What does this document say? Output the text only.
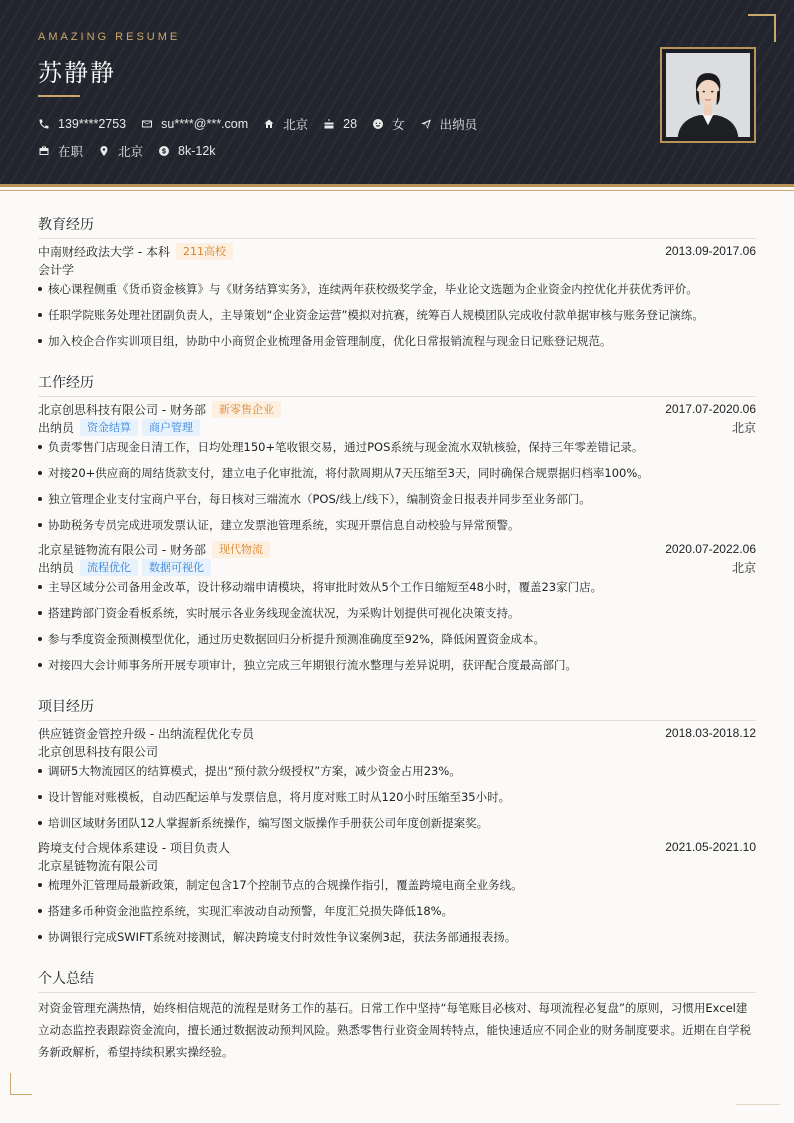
AMAZING RESUME
苏静静
139****2753	su****@***.com	北京	28	女	出纳员
在职	北京	8k-12k
教育经历
中南财经政法大学 - 本科	211高校	2013.09-2017.06
会计学
核心课程侧重《货币资金核算》与《财务结算实务》，连续两年获校级奖学金，毕业论文选题为企业资金内控优化并获优秀评价。
任职学院账务处理社团副负责人，主导策划“企业资金运营”模拟对抗赛，统筹百人规模团队完成收付款单据审核与账务登记演练。
加入校企合作实训项目组，协助中小商贸企业梳理备用金管理制度，优化日常报销流程与现金日记账登记规范。
工作经历
北京创思科技有限公司 - 财务部	新零售企业	2017.07-2020.06
出纳员	资金结算	商户管理	北京
负责零售门店现金日清工作，日均处理150+笔收银交易，通过POS系统与现金流水双轨核验，保持三年零差错记录。
对接20+供应商的周结货款支付，建立电子化审批流，将付款周期从7天压缩至3天，同时确保合规票据归档率100%。
独立管理企业支付宝商户平台，每日核对三端流水（POS/线上/线下），编制资金日报表并同步至业务部门。
协助税务专员完成进项发票认证，建立发票池管理系统，实现开票信息自动校验与异常预警。
北京星链物流有限公司 - 财务部	现代物流	2020.07-2022.06
出纳员	流程优化	数据可视化	北京
主导区域分公司备用金改革，设计移动端申请模块，将审批时效从5个工作日缩短至48小时，覆盖23家门店。
搭建跨部门资金看板系统，实时展示各业务线现金流状况，为采购计划提供可视化决策支持。
参与季度资金预测模型优化，通过历史数据回归分析提升预测准确度至92%，降低闲置资金成本。
对接四大会计师事务所开展专项审计，独立完成三年期银行流水整理与差异说明，获评配合度最高部门。
项目经历
供应链资金管控升级 - 出纳流程优化专员	2018.03-2018.12
北京创思科技有限公司
调研5大物流园区的结算模式，提出“预付款分级授权”方案，减少资金占用23%。
设计智能对账模板，自动匹配运单与发票信息，将月度对账工时从120小时压缩至35小时。
培训区域财务团队12人掌握新系统操作，编写图文版操作手册获公司年度创新提案奖。
跨境支付合规体系建设 - 项目负责人	2021.05-2021.10
北京星链物流有限公司
梳理外汇管理局最新政策，制定包含17个控制节点的合规操作指引，覆盖跨境电商全业务线。
搭建多币种资金池监控系统，实现汇率波动自动预警，年度汇兑损失降低18%。
协调银行完成SWIFT系统对接测试，解决跨境支付时效性争议案例3起，获法务部通报表扬。
个人总结
对资金管理充满热情，始终相信规范的流程是财务工作的基石。日常工作中坚持“每笔账目必核对、每项流程必复盘”的原则，习惯用Excel建立动态监控表跟踪资金流向，擅长通过数据波动预判风险。熟悉零售行业资金周转特点，能快速适应不同企业的财务制度要求。近期在自学税务新政解析，希望持续积累实操经验。
